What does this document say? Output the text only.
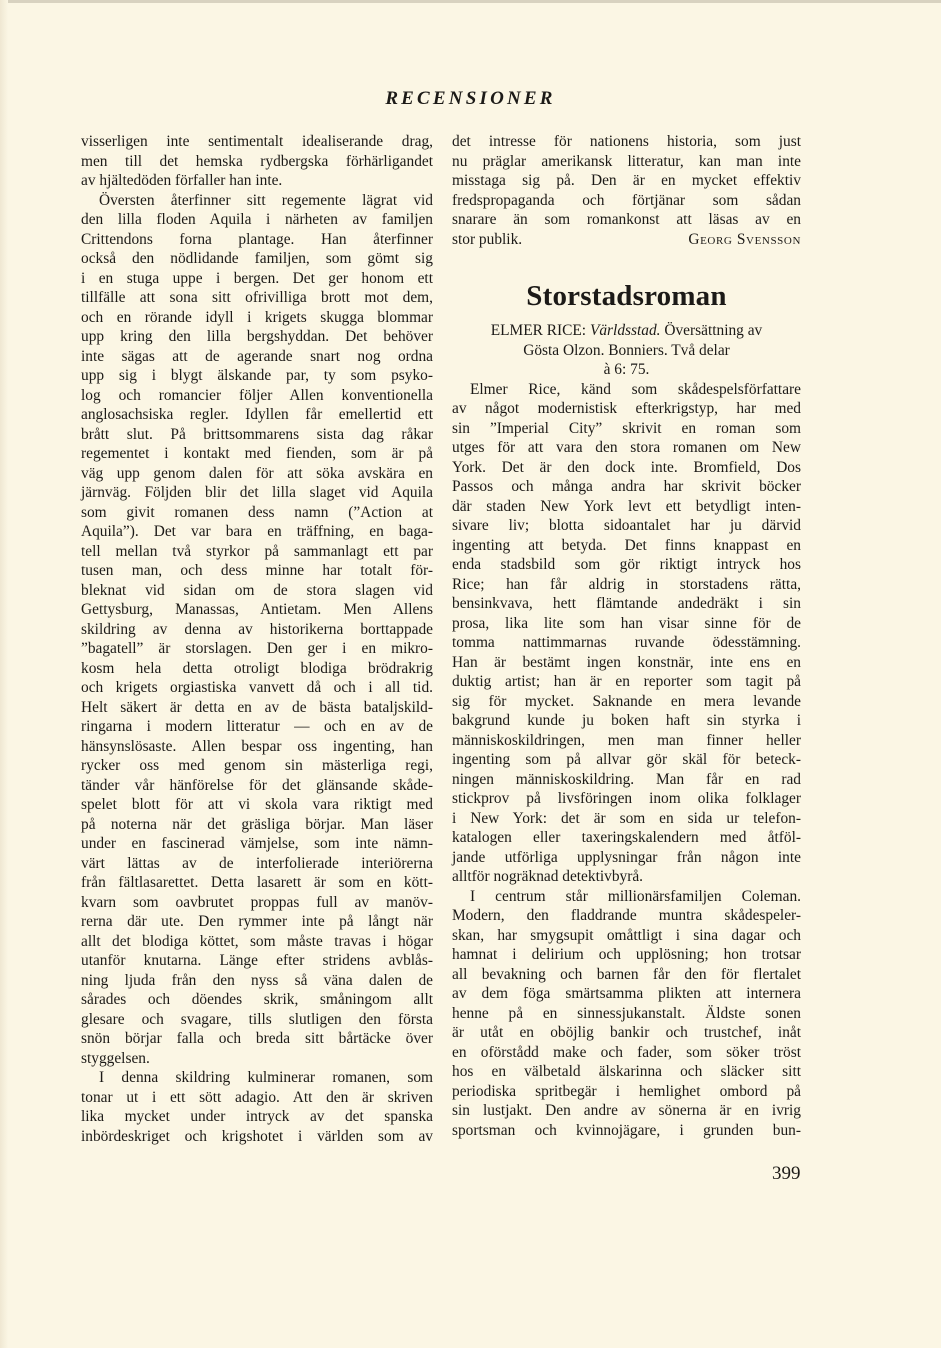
RECENSIONER
visserligen inte sentimentalt idealiserande drag,
men till det hemska rydbergska förhärligandet
av hjältedöden förfaller han inte.
Översten återfinner sitt regemente lägrat vid
den lilla floden Aquila i närheten av familjen
Crittendons forna plantage. Han återfinner
också den nödlidande familjen, som gömt sig
i en stuga uppe i bergen. Det ger honom ett
tillfälle att sona sitt ofrivilliga brott mot dem,
och en rörande idyll i krigets skugga blommar
upp kring den lilla bergshyddan. Det behöver
inte sägas att de agerande snart nog ordna
upp sig i blygt älskande par, ty som psyko-
log och romancier följer Allen konventionella
anglosachsiska regler. Idyllen får emellertid ett
brått slut. På brittsommarens sista dag råkar
regementet i kontakt med fienden, som är på
väg upp genom dalen för att söka avskära en
järnväg. Följden blir det lilla slaget vid Aquila
som givit romanen dess namn (”Action at
Aquila”). Det var bara en träffning, en baga-
tell mellan två styrkor på sammanlagt ett par
tusen man, och dess minne har totalt för-
bleknat vid sidan om de stora slagen vid
Gettysburg, Manassas, Antietam. Men Allens
skildring av denna av historikerna borttappade
”bagatell” är storslagen. Den ger i en mikro-
kosm hela detta otroligt blodiga brödrakrig
och krigets orgiastiska vanvett då och i all tid.
Helt säkert är detta en av de bästa bataljskild-
ringarna i modern litteratur — och en av de
hänsynslösaste. Allen bespar oss ingenting, han
rycker oss med genom sin mästerliga regi,
tänder vår hänförelse för det glänsande skåde-
spelet blott för att vi skola vara riktigt med
på noterna när det gräsliga börjar. Man läser
under en fascinerad vämjelse, som inte nämn-
värt lättas av de interfolierade interiörerna
från fältlasarettet. Detta lasarett är som en kött-
kvarn som oavbrutet proppas full av manöv-
rerna där ute. Den rymmer inte på långt när
allt det blodiga köttet, som måste travas i högar
utanför knutarna. Länge efter stridens avblås-
ning ljuda från den nyss så väna dalen de
sårades och döendes skrik, småningom allt
glesare och svagare, tills slutligen den första
snön börjar falla och breda sitt bårtäcke över
styggelsen.
I denna skildring kulminerar romanen, som
tonar ut i ett sött adagio. Att den är skriven
lika mycket under intryck av det spanska
inbördeskriget och krigshotet i världen som av
det intresse för nationens historia, som just
nu präglar amerikansk litteratur, kan man inte
misstaga sig på. Den är en mycket effektiv
fredspropaganda och förtjänar som sådan
snarare än som romankonst att läsas av en
stor publik.	Georg Svensson
Storstadsroman
ELMER RICE: Världsstad. Översättning av
Gösta Olzon. Bonniers. Två delar
à 6: 75.
Elmer Rice, känd som skådespelsförfattare
av något modernistisk efterkrigstyp, har med
sin ”Imperial City” skrivit en roman som
utges för att vara den stora romanen om New
York. Det är den dock inte. Bromfield, Dos
Passos och många andra har skrivit böcker
där staden New York levt ett betydligt inten-
sivare liv; blotta sidoantalet har ju därvid
ingenting att betyda. Det finns knappast en
enda stadsbild som gör riktigt intryck hos
Rice; han får aldrig in storstadens rätta,
bensinkvava, hett flämtande andedräkt i sin
prosa, lika lite som han visar sinne för de
tomma nattimmarnas ruvande ödesstämning.
Han är bestämt ingen konstnär, inte ens en
duktig artist; han är en reporter som tagit på
sig för mycket. Saknande en mera levande
bakgrund kunde ju boken haft sin styrka i
människoskildringen, men man finner heller
ingenting som på allvar gör skäl för beteck-
ningen människoskildring. Man får en rad
stickprov på livsföringen inom olika folklager
i New York: det är som en sida ur telefon-
katalogen eller taxeringskalendern med åtföl-
jande utförliga upplysningar från någon inte
alltför nogräknad detektivbyrå.
I centrum står millionärsfamiljen Coleman.
Modern, den fladdrande muntra skådespeler-
skan, har smygsupit omåttligt i sina dagar och
hamnat i delirium och upplösning; hon trotsar
all bevakning och barnen får den för flertalet
av dem föga smärtsamma plikten att internera
henne på en sinnessjukanstalt. Äldste sonen
är utåt en oböjlig bankir och trustchef, inåt
en oförstådd make och fader, som söker tröst
hos en välbetald älskarinna och släcker sitt
periodiska spritbegär i hemlighet ombord på
sin lustjakt. Den andre av sönerna är en ivrig
sportsman och kvinnojägare, i grunden bun-
399
